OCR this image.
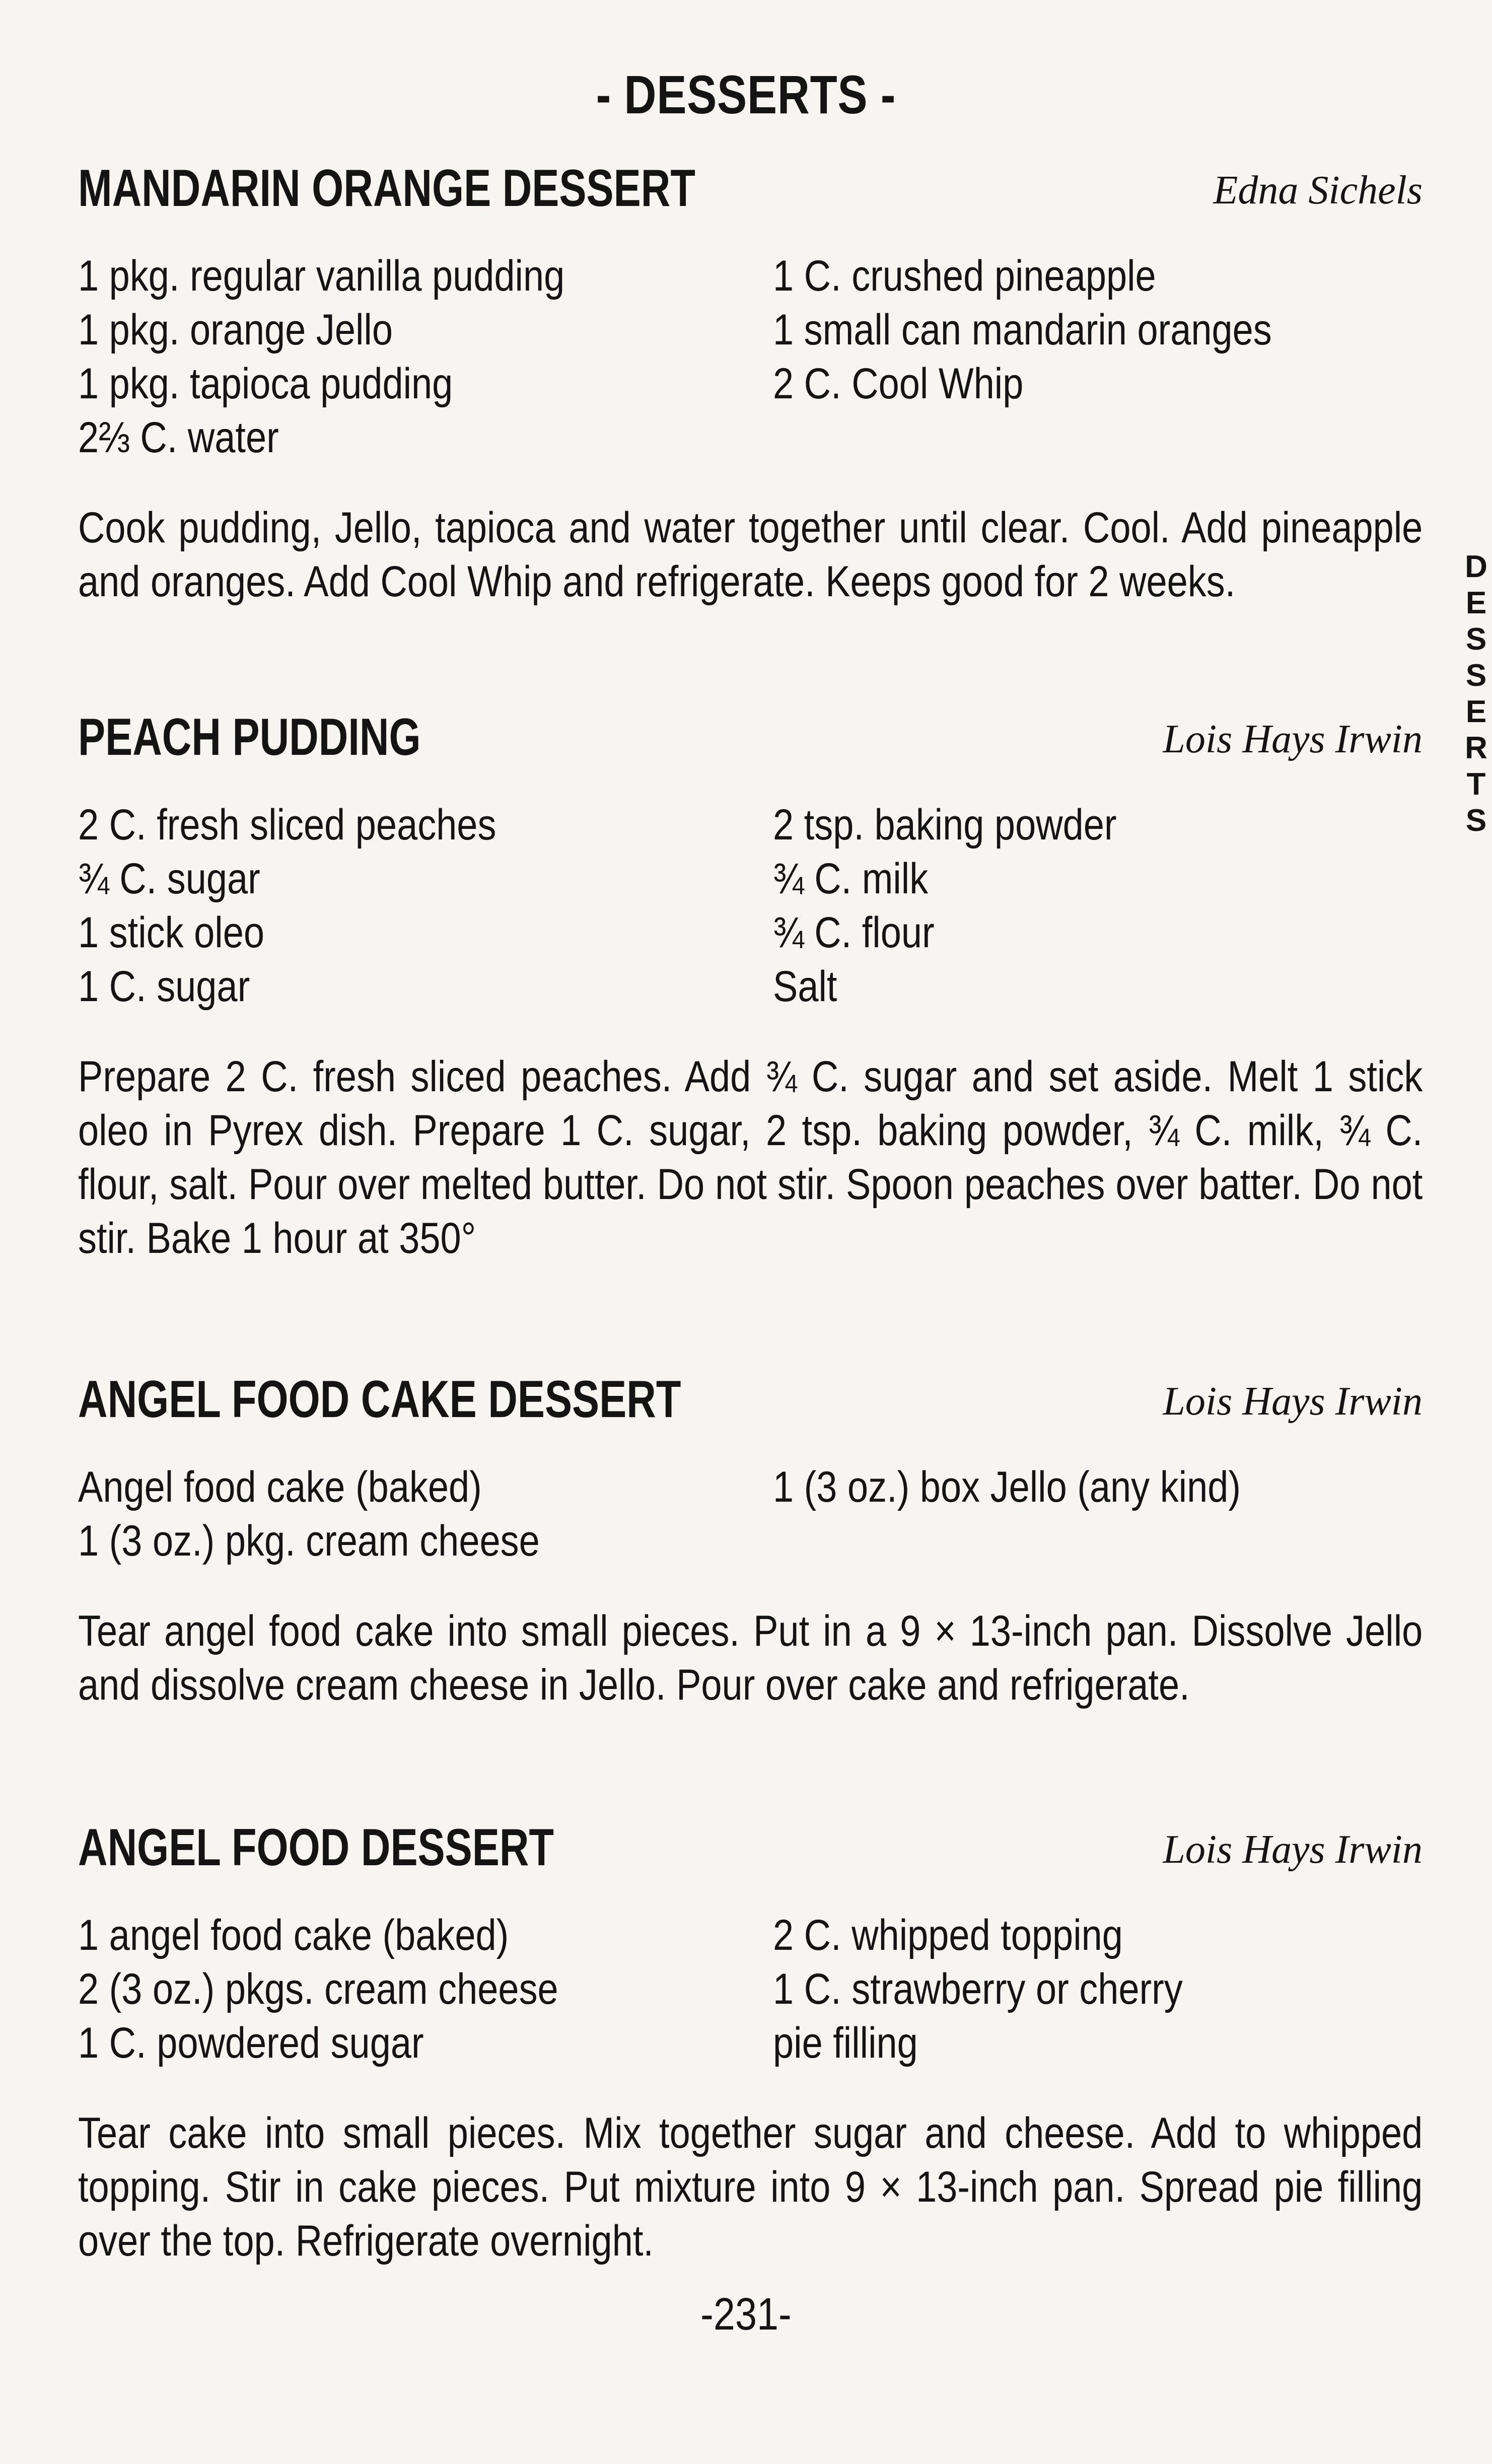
- DESSERTS -
MANDARIN ORANGE DESSERT	Edna Sichels
1 pkg. regular vanilla pudding
1 pkg. orange Jello
1 pkg. tapioca pudding
2⅔ C. water
1 C. crushed pineapple
1 small can mandarin oranges
2 C. Cool Whip
Cook pudding, Jello, tapioca and water together until clear. Cool. Add pineapple and oranges. Add Cool Whip and refrigerate. Keeps good for 2 weeks.
PEACH PUDDING	Lois Hays Irwin
2 C. fresh sliced peaches
¾ C. sugar
1 stick oleo
1 C. sugar
2 tsp. baking powder
¾ C. milk
¾ C. flour
Salt
Prepare 2 C. fresh sliced peaches. Add ¾ C. sugar and set aside. Melt 1 stick oleo in Pyrex dish. Prepare 1 C. sugar, 2 tsp. baking powder, ¾ C. milk, ¾ C. flour, salt. Pour over melted butter. Do not stir. Spoon peaches over batter. Do not stir. Bake 1 hour at 350°
ANGEL FOOD CAKE DESSERT	Lois Hays Irwin
Angel food cake (baked)
1 (3 oz.) pkg. cream cheese
1 (3 oz.) box Jello (any kind)
Tear angel food cake into small pieces. Put in a 9 × 13-inch pan. Dissolve Jello and dissolve cream cheese in Jello. Pour over cake and refrigerate.
ANGEL FOOD DESSERT	Lois Hays Irwin
1 angel food cake (baked)
2 (3 oz.) pkgs. cream cheese
1 C. powdered sugar
2 C. whipped topping
1 C. strawberry or cherry pie filling
Tear cake into small pieces. Mix together sugar and cheese. Add to whipped topping. Stir in cake pieces. Put mixture into 9 × 13-inch pan. Spread pie filling over the top. Refrigerate overnight.
D
E
S
S
E
R
T
S
-231-
